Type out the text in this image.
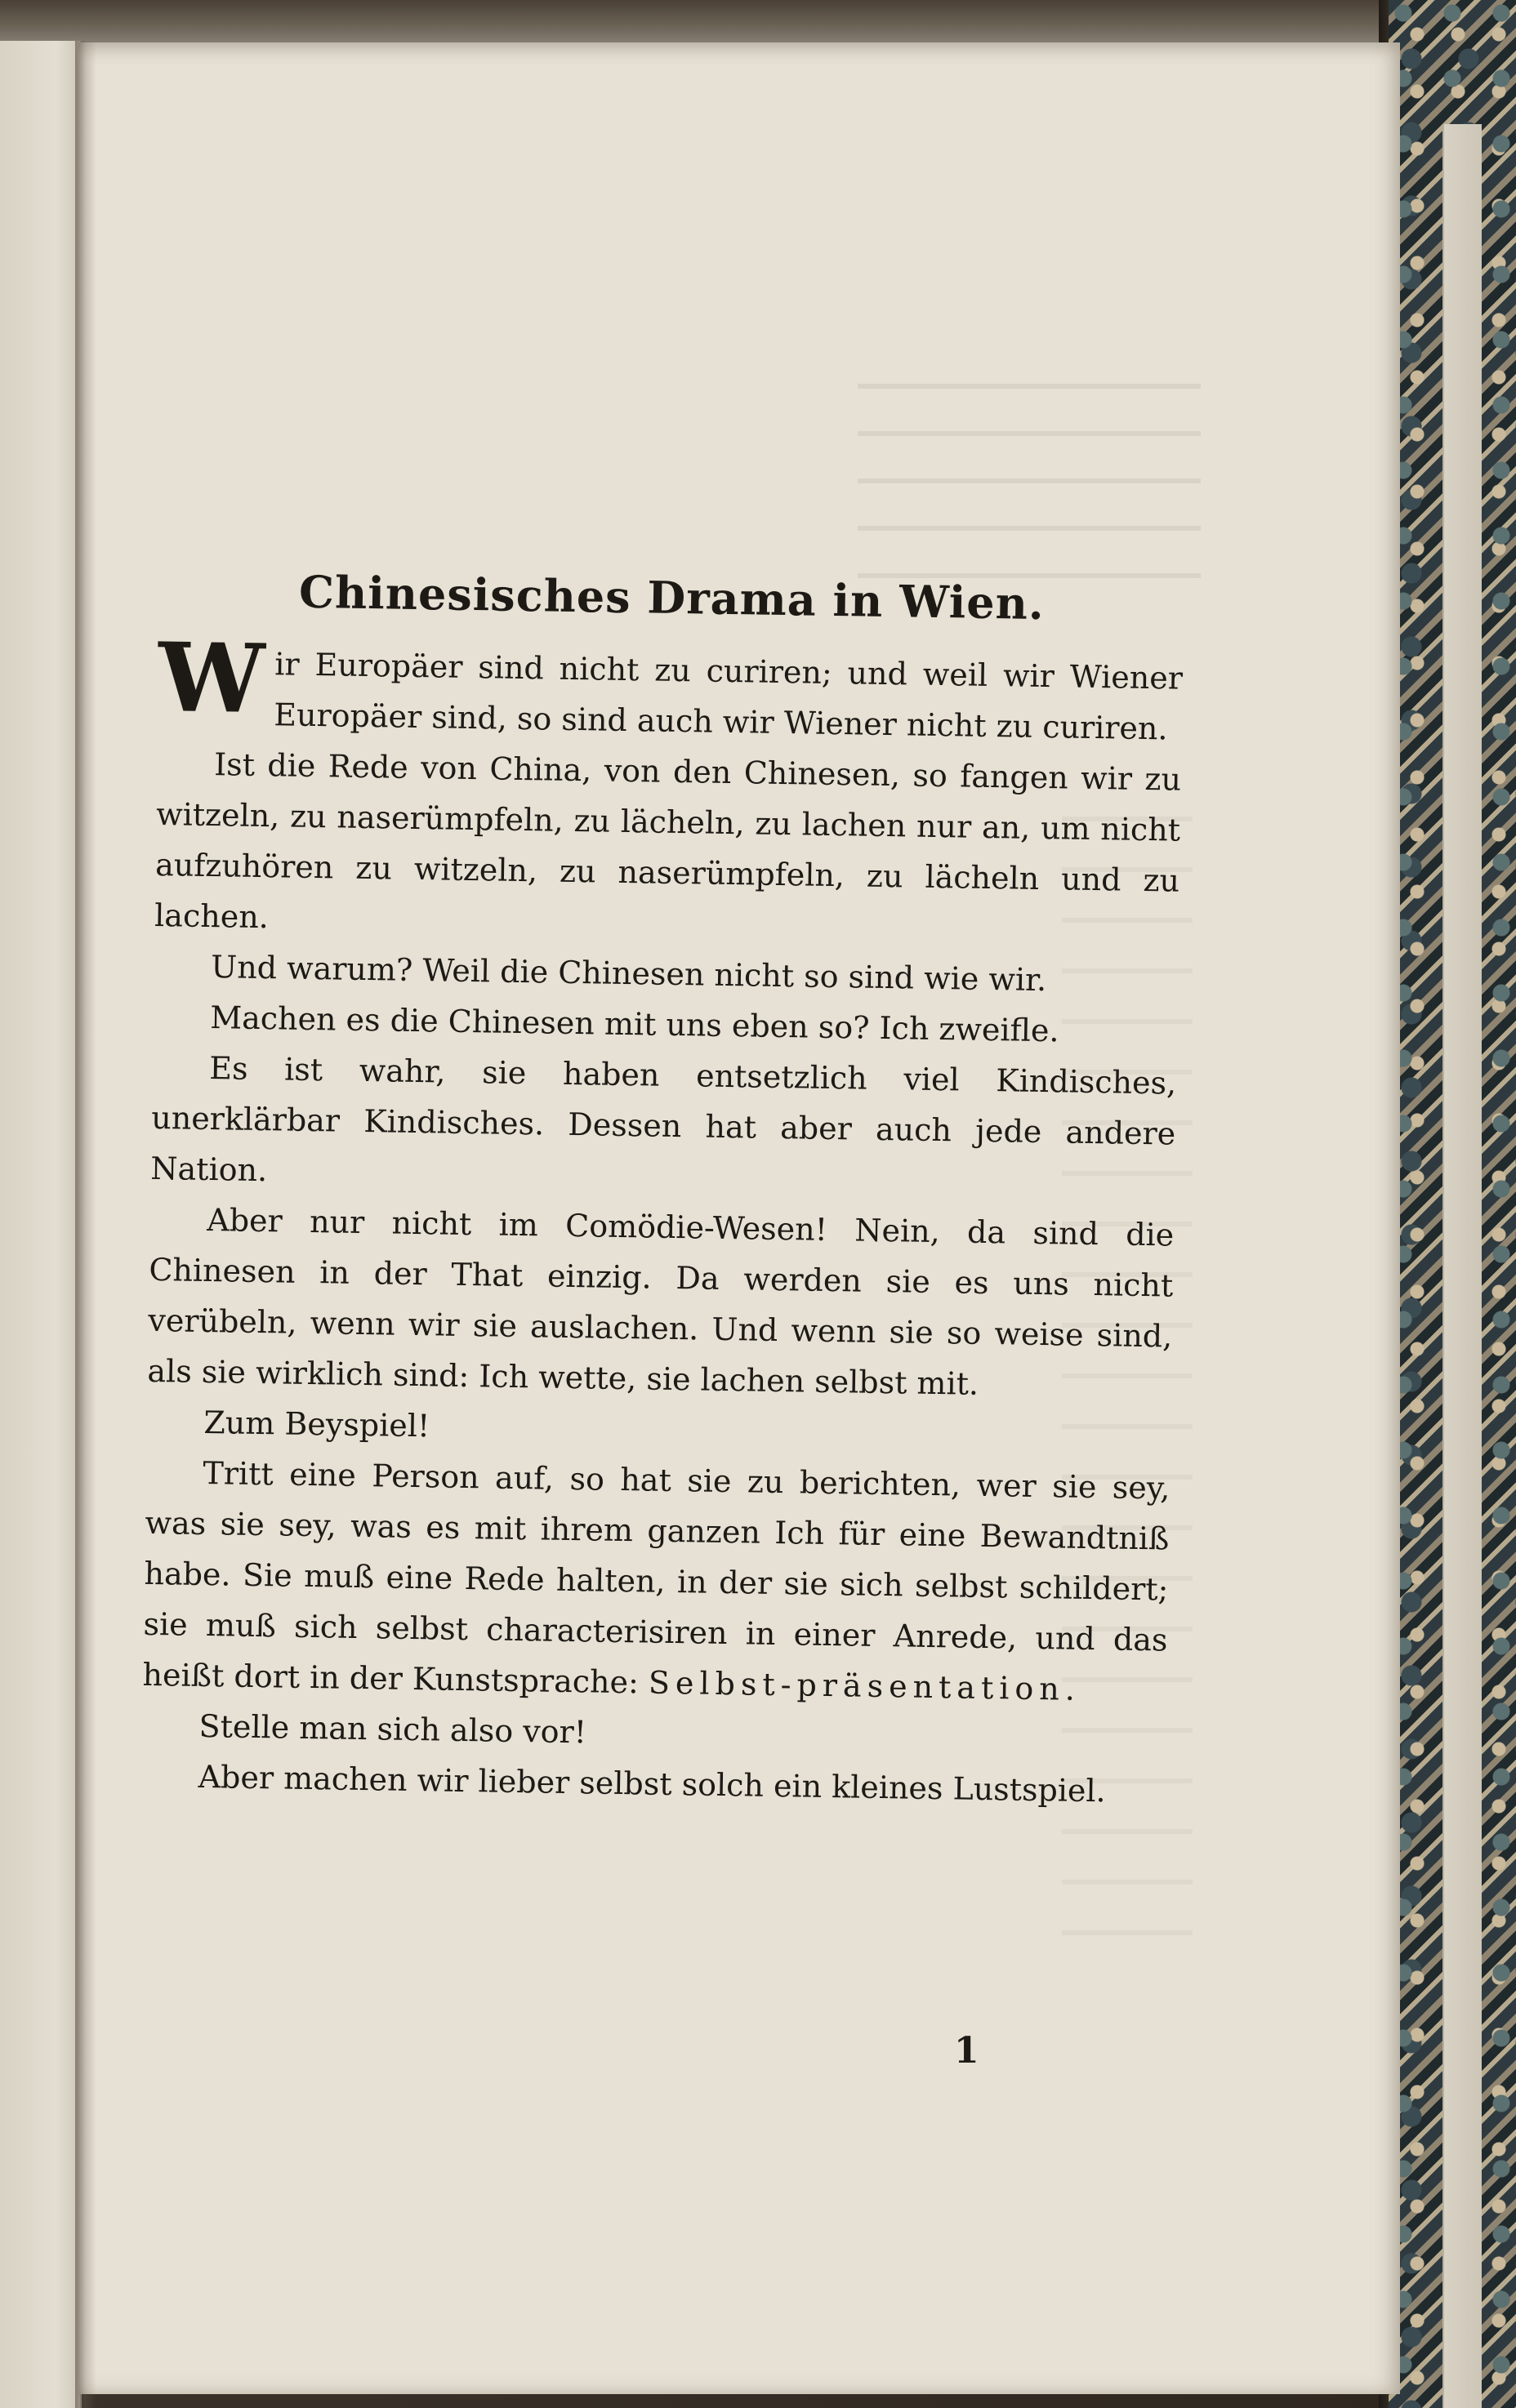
Chinesisches Drama in Wien.

Wir Europäer sind nicht zu curiren; und weil wir Wiener Europäer sind, so sind auch wir Wiener nicht zu curiren.

Ist die Rede von China, von den Chinesen, so fangen wir zu witzeln, zu naserümpfeln, zu lächeln, zu lachen nur an, um nicht aufzuhören zu witzeln, zu naserümpfeln, zu lächeln und zu lachen.

Und warum? Weil die Chinesen nicht so sind wie wir.

Machen es die Chinesen mit uns eben so? Ich zweifle.

Es ist wahr, sie haben entsetzlich viel Kindisches, unerklärbar Kindisches. Dessen hat aber auch jede andere Nation.

Aber nur nicht im Comödie-Wesen! Nein, da sind die Chinesen in der That einzig. Da werden sie es uns nicht verübeln, wenn wir sie auslachen. Und wenn sie so weise sind, als sie wirklich sind: Ich wette, sie lachen selbst mit.

Zum Beyspiel!

Tritt eine Person auf, so hat sie zu berichten, wer sie sey, was sie sey, was es mit ihrem ganzen Ich für eine Bewandtniß habe. Sie muß eine Rede halten, in der sie sich selbst schildert; sie muß sich selbst characterisiren in einer Anrede, und das heißt dort in der Kunstsprache: Selbst-präsentation.

Stelle man sich also vor!

Aber machen wir lieber selbst solch ein kleines Lustspiel.

1
